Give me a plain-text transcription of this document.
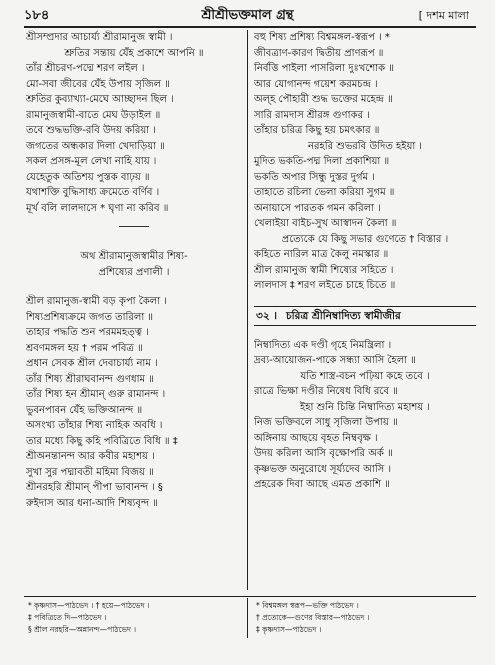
১৮৪	শ্রীশ্রীভক্তমাল গ্রন্থ	[ দশম মালা
শ্রীসম্প্রদার আচার্য্য শ্রীরামানুজ স্বামী ।
শ্রুতির সন্তায় যেঁহ প্রকাশে আপনি ॥
তাঁর শ্রীচরণ-পদ্মে শরণ লইল ।
মো-সবা জীবের যেঁহ উপায় সৃজিল ॥
শ্রুতির কুব্যাখ্যা-মেঘে আচ্ছাদন ছিল ।
রামানুজস্বামী-বাতে মেঘ উড়াইল ॥
তবে শুদ্ধভক্তি-রবি উদয় করিয়া ।
জগতের অন্ধকার দিলা খেদাড়িয়া ॥
সকল প্রসঙ্গ-মূল লেখা নাহি যায় ।
যেহেতুক অতিশয় পুস্তক বাঢ়য় ॥
যথাশক্তি বুদ্ধিসাধ্য ক্রমেতে বর্ণিব ।
মূর্খ বলি লালদাসে * ঘৃণা না করিব ॥
অথ শ্রীরামানুজস্বামীর শিষ্য-
প্রশিষ্যের প্রণালী ।
শ্রীল রামানুজ-স্বামী বড় কৃপা কৈলা ।
শিষ্যপ্রশিষ্যক্রমে জগত তারিলা ॥
তাহার পদ্ধতি শুন পরমমহত্ত্ব ।
শ্রবণমঙ্গল হয় † পরম পবিত্র ॥
প্রধান সেবক শ্রীল দেবাচার্য্য নাম ।
তাঁর শিষ্য শ্রীরাঘবানন্দ গুণধাম ॥
তাঁর শিষ্য হন শ্রীমান্ গুরু রামানন্দ ।
ভুবনপাবন যেঁহ ভক্তিআনন্দ ॥
অসংখ্য তাঁহার শিষ্য নাহিক অবধি ।
তার মধ্যে কিছু কহি পবিত্রিতে বিধি ॥ ‡
শ্রীঅনন্তানন্দ আর কবীর মহাশয় ।
সুখা সুর পদ্মাবতী মহিমা বিজয় ॥
শ্রীনরহরি শ্রীমান্ পীপা ভাবানন্দ । §
রুইদাস আর ধনা-আদি শিষ্যবৃন্দ ॥
বহু শিষ্য প্রশিষ্য বিশ্বমঙ্গল-স্বরূপ । *
জীবত্রাণ-কারণ দ্বিতীয় প্রাণরূপ ॥
নির্বত্তি পাইলা পাসরিলা দুঃখশোক ॥
আর যোগানন্দ গয়েশ করমচন্দ্র ।
অল্হ পৌহারী শুদ্ধ ভক্তের মহেন্দ্র ॥
সারি রামদাস শ্রীরঙ্গ গুণাকর ।
তাঁহার চরিত্র কিছু হয় চমৎকার ॥
নরহরি শুভরবি উদিত হইয়া ।
মুদিত ভকতি-পদ্ম দিলা প্রকাশিয়া ॥
ভকতি অপার সিন্ধু দুস্তর দুর্গম ।
তাহাতে রচিলা ভেলা করিয়া সুগম ॥
অনায়াসে পারতক গমন করিলা ।
খেলাইয়া বাইচ-সুখ আস্বাদন কৈলা ॥
প্রত্যেকে যে কিছু সভার গুণেতে † বিস্তার ।
কহিতে নারিল মাত্র কৈলু নমস্কার ॥
শ্রীল রামানুজ স্বামী শিষ্যের সহিতে ।
লালদাস ‡ শরণ লইতে চাহে চিতে ॥
৩২ । চরিত্র শ্রীনিম্বাদিত্য স্বামীজীর
নিম্বাদিত্য এক দণ্ডী গৃহে নিমন্ত্রিলা ।
দ্রব্য-আয়োজন-পাকে সন্ধ্যা আসি হৈলা ॥
যতি শাস্ত্র-বচন পঢ়িয়া কহে তবে ।
রাত্রে ভিক্ষা দণ্ডীর নিষেধ বিধি রবে ॥
ইহা শুনি চিন্তি নিম্বাদিত্য মহাশয় ।
নিজ ভক্তিবলে সাধু সৃজিলা উপায় ॥
অঙ্গিনায় আছয়ে বৃহত নিম্ববৃক্ষ ।
উদয় করিলা আসি বৃক্ষোপরি অর্ক ॥
কৃষ্ণভক্ত অনুরোধে সূর্য্যদেব আসি ।
প্রহরেক দিবা আছে এমত প্রকাশি ॥
* কৃষ্ণদাস—পাঠভেদ । † হয়ে—পাঠভেদ ।
‡ পবিত্রিতে দি—পাঠভেদ ।
§ শ্রীল নরহরি—অন্নানন্দ—পাঠভেদ ।
* বিশ্বমঙ্গল স্বরূপ—ভক্তি পাঠভেদ ।
† প্রত্যেকে—গুণের বিস্তার—পাঠভেদ ।
‡ কৃষ্ণদাস—পাঠভেদ ।
